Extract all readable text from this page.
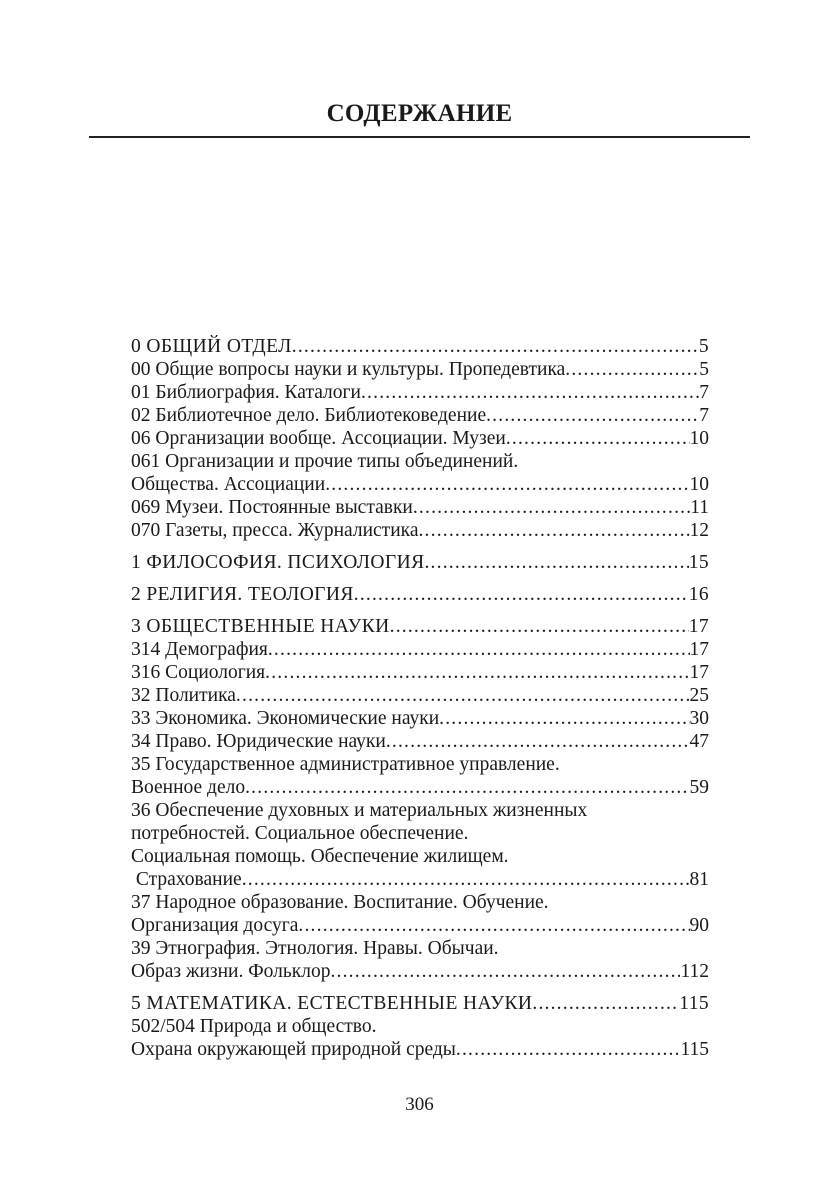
СОДЕРЖАНИЕ
0 ОБЩИЙ ОТДЕЛ .....	5
00 Общие вопросы науки и культуры. Пропедевтика .....	5
01 Библиография. Каталоги .....	7
02 Библиотечное дело. Библиотековедение .....	7
06 Организации вообще. Ассоциации. Музеи .....	10
061 Организации и прочие типы объединений.
Общества. Ассоциации .....	10
069 Музеи. Постоянные выставки .....	11
070 Газеты, пресса. Журналистика .....	12
1 ФИЛОСОФИЯ. ПСИХОЛОГИЯ .....	15
2 РЕЛИГИЯ. ТЕОЛОГИЯ .....	16
3 ОБЩЕСТВЕННЫЕ НАУКИ .....	17
314 Демография .....	17
316 Социология .....	17
32 Политика .....	25
33 Экономика. Экономические науки .....	30
34 Право. Юридические науки .....	47
35 Государственное административное управление.
Военное дело .....	59
36 Обеспечение духовных и материальных жизненных
потребностей. Социальное обеспечение.
Социальная помощь. Обеспечение жилищем.
Страхование .....	81
37 Народное образование. Воспитание. Обучение.
Организация досуга .....	90
39 Этнография. Этнология. Нравы. Обычаи.
Образ жизни. Фольклор .....	112
5 МАТЕМАТИКА. ЕСТЕСТВЕННЫЕ НАУКИ .....	115
502/504 Природа и общество.
Охрана окружающей природной среды .....	115
306
